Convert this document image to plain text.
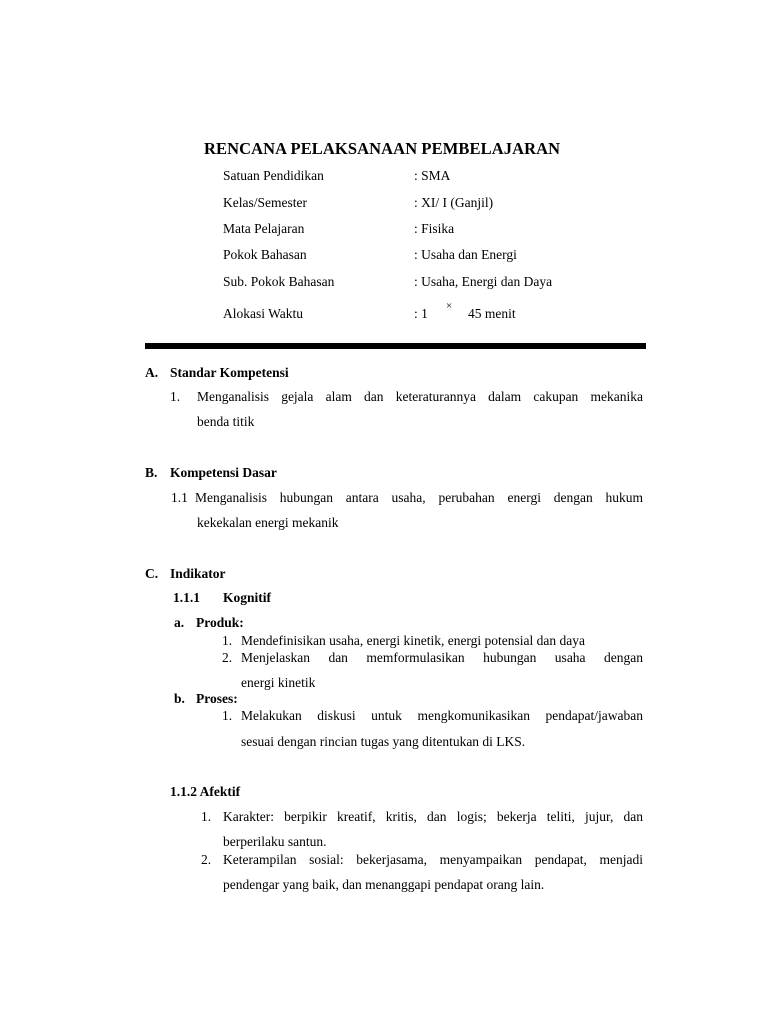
RENCANA PELAKSANAAN PEMBELAJARAN
Satuan Pendidikan	: SMA
Kelas/Semester	: XI/ I (Ganjil)
Mata Pelajaran	: Fisika
Pokok Bahasan	: Usaha dan Energi
Sub. Pokok Bahasan	: Usaha, Energi dan Daya
Alokasi Waktu	: 1 × 45 menit
A. Standar Kompetensi
1. Menganalisis gejala alam dan keteraturannya dalam cakupan mekanika
benda titik
B. Kompetensi Dasar
1.1 Menganalisis hubungan antara usaha, perubahan energi dengan hukum
kekekalan energi mekanik
C. Indikator
1.1.1 Kognitif
a. Produk:
1. Mendefinisikan usaha, energi kinetik, energi potensial dan daya
2. Menjelaskan dan memformulasikan hubungan usaha dengan
energi kinetik
b. Proses:
1. Melakukan diskusi untuk mengkomunikasikan pendapat/jawaban
sesuai dengan rincian tugas yang ditentukan di LKS.
1.1.2 Afektif
1. Karakter: berpikir kreatif, kritis, dan logis; bekerja teliti, jujur, dan
berperilaku santun.
2. Keterampilan sosial: bekerjasama, menyampaikan pendapat, menjadi
pendengar yang baik, dan menanggapi pendapat orang lain.
